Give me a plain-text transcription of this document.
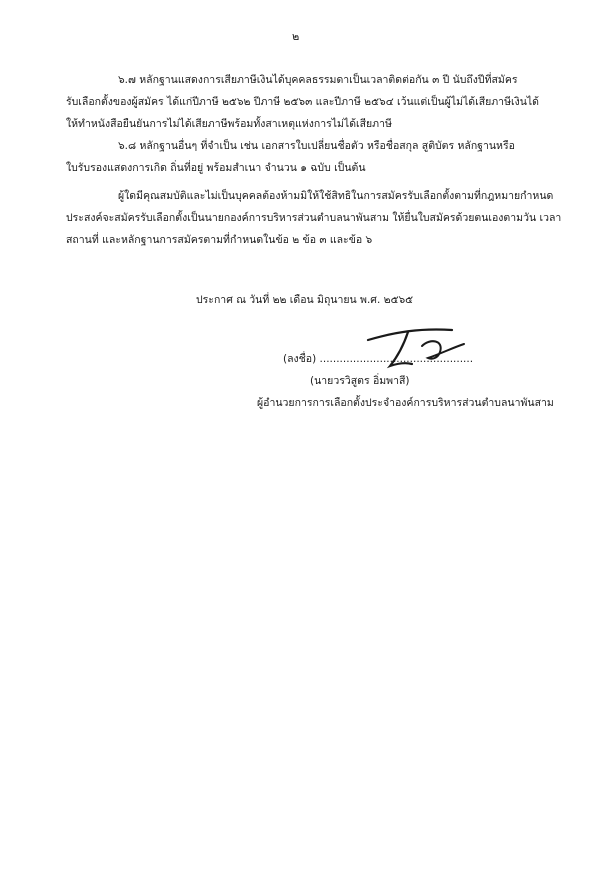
๒
๖.๗ หลักฐานแสดงการเสียภาษีเงินได้บุคคลธรรมดาเป็นเวลาติดต่อกัน ๓ ปี นับถึงปีที่สมัคร
รับเลือกตั้งของผู้สมัคร ได้แก่ปีภาษี ๒๕๖๒ ปีภาษี ๒๕๖๓ และปีภาษี ๒๕๖๔ เว้นแต่เป็นผู้ไม่ได้เสียภาษีเงินได้
ให้ทำหนังสือยืนยันการไม่ได้เสียภาษีพร้อมทั้งสาเหตุแห่งการไม่ได้เสียภาษี
๖.๘ หลักฐานอื่นๆ ที่จำเป็น เช่น เอกสารใบเปลี่ยนชื่อตัว หรือชื่อสกุล สูติบัตร หลักฐานหรือ
ใบรับรองแสดงการเกิด ถิ่นที่อยู่ พร้อมสำเนา จำนวน ๑ ฉบับ เป็นต้น
ผู้ใดมีคุณสมบัติและไม่เป็นบุคคลต้องห้ามมิให้ใช้สิทธิในการสมัครรับเลือกตั้งตามที่กฎหมายกำหนด
ประสงค์จะสมัครรับเลือกตั้งเป็นนายกองค์การบริหารส่วนตำบลนาพันสาม ให้ยื่นใบสมัครด้วยตนเองตามวัน เวลา
สถานที่ และหลักฐานการสมัครตามที่กำหนดในข้อ ๒ ข้อ ๓ และข้อ ๖
ประกาศ ณ วันที่ ๒๒ เดือน มิถุนายน พ.ศ. ๒๕๖๕
(ลงชื่อ) ..............................................
(นายวรวิสูตร อิ่มพาสี)
ผู้อำนวยการการเลือกตั้งประจำองค์การบริหารส่วนตำบลนาพันสาม
